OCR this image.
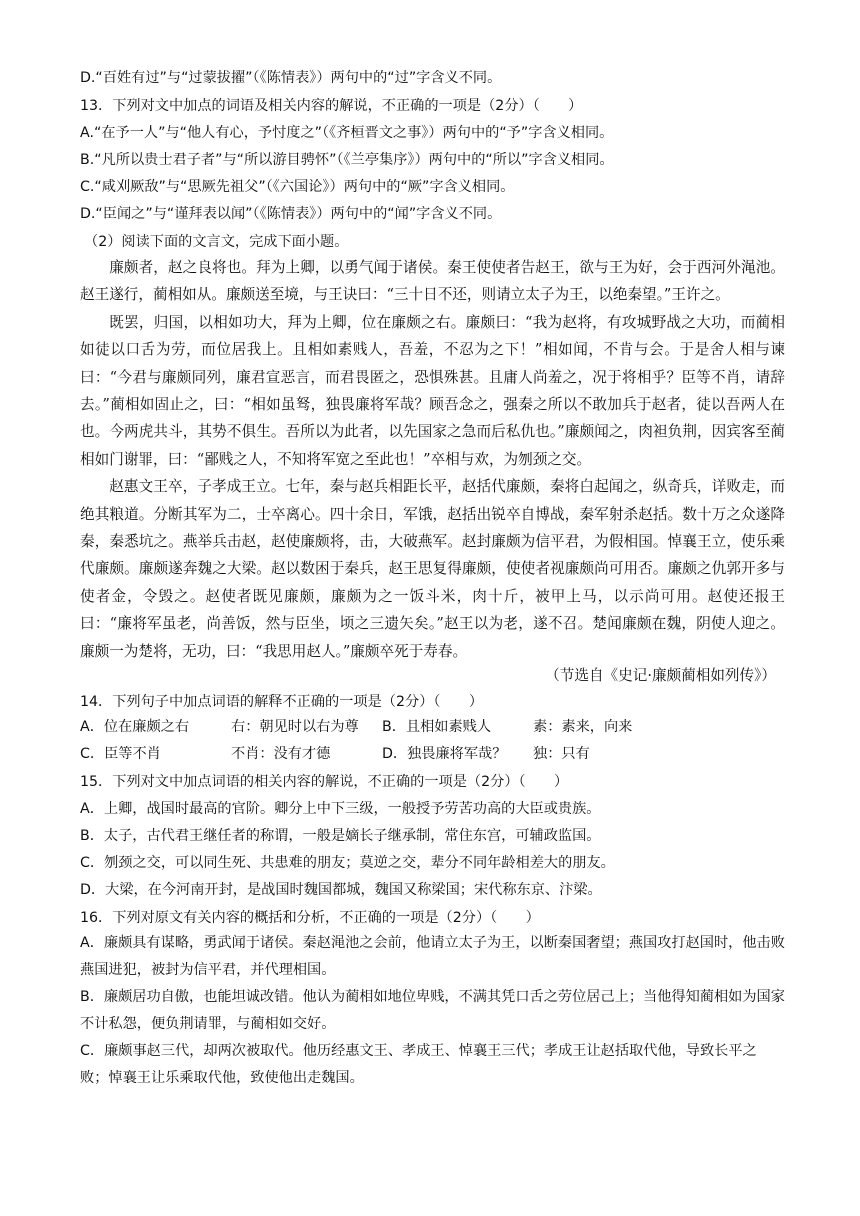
D.“百姓有过”与“过蒙拔擢”（《陈情表》）两句中的“过”字含义不同。
13．下列对文中加点的词语及相关内容的解说，不正确的一项是（2分）（　　）
A.“在予一人”与“他人有心，予忖度之”（《齐桓晋文之事》）两句中的“予”字含义相同。
B.“凡所以贵士君子者”与“所以游目骋怀”（《兰亭集序》）两句中的“所以”字含义相同。
C.“咸刈厥敌”与“思厥先祖父”（《六国论》）两句中的“厥”字含义相同。
D.“臣闻之”与“谨拜表以闻”（《陈情表》）两句中的“闻”字含义不同。
（2）阅读下面的文言文，完成下面小题。

廉颇者，赵之良将也。拜为上卿，以勇气闻于诸侯。秦王使使者告赵王，欲与王为好，会于西河外渑池。赵王遂行，蔺相如从。廉颇送至境，与王诀曰：“三十日不还，则请立太子为王，以绝秦望。”王许之。

既罢，归国，以相如功大，拜为上卿，位在廉颇之右。廉颇曰：“我为赵将，有攻城野战之大功，而蔺相如徒以口舌为劳，而位居我上。且相如素贱人，吾羞，不忍为之下！”相如闻，不肯与会。于是舍人相与谏曰：“今君与廉颇同列，廉君宣恶言，而君畏匿之，恐惧殊甚。且庸人尚羞之，况于将相乎？臣等不肖，请辞去。”蔺相如固止之，曰：“相如虽驽，独畏廉将军哉？顾吾念之，强秦之所以不敢加兵于赵者，徒以吾两人在也。今两虎共斗，其势不俱生。吾所以为此者，以先国家之急而后私仇也。”廉颇闻之，肉袒负荆，因宾客至蔺相如门谢罪，曰：“鄙贱之人，不知将军宽之至此也！”卒相与欢，为刎颈之交。

赵惠文王卒，子孝成王立。七年，秦与赵兵相距长平，赵括代廉颇，秦将白起闻之，纵奇兵，详败走，而绝其粮道。分断其军为二，士卒离心。四十余日，军饿，赵括出锐卒自博战，秦军射杀赵括。数十万之众遂降秦，秦悉坑之。燕举兵击赵，赵使廉颇将，击，大破燕军。赵封廉颇为信平君，为假相国。悼襄王立，使乐乘代廉颇。廉颇遂奔魏之大梁。赵以数困于秦兵，赵王思复得廉颇，使使者视廉颇尚可用否。廉颇之仇郭开多与使者金，令毁之。赵使者既见廉颇，廉颇为之一饭斗米，肉十斤，被甲上马，以示尚可用。赵使还报王曰：“廉将军虽老，尚善饭，然与臣坐，顷之三遗矢矣。”赵王以为老，遂不召。楚闻廉颇在魏，阴使人迎之。廉颇一为楚将，无功，曰：“我思用赵人。”廉颇卒死于寿春。

（节选自《史记·廉颇蔺相如列传》）
14．下列句子中加点词语的解释不正确的一项是（2分）（　　）
A．位在廉颇之右	右：朝见时以右为尊 B．且相如素贱人	素：素来，向来
C．臣等不肖	不肖：没有才德	D．独畏廉将军哉？ 独：只有
15．下列对文中加点词语的相关内容的解说，不正确的一项是（2分）（　　）
A．上卿，战国时最高的官阶。卿分上中下三级，一般授予劳苦功高的大臣或贵族。
B．太子，古代君王继任者的称谓，一般是嫡长子继承制，常住东宫，可辅政监国。
C．刎颈之交，可以同生死、共患难的朋友；莫逆之交，辈分不同年龄相差大的朋友。
D．大梁，在今河南开封，是战国时魏国都城，魏国又称梁国；宋代称东京、汴梁。
16．下列对原文有关内容的概括和分析，不正确的一项是（2分）（　　）
A．廉颇具有谋略，勇武闻于诸侯。秦赵渑池之会前，他请立太子为王，以断秦国奢望；燕国攻打赵国时，他击败燕国进犯，被封为信平君，并代理相国。
B．廉颇居功自傲，也能坦诚改错。他认为蔺相如地位卑贱，不满其凭口舌之劳位居己上；当他得知蔺相如为国家不计私怨，便负荆请罪，与蔺相如交好。
C．廉颇事赵三代，却两次被取代。他历经惠文王、孝成王、悼襄王三代；孝成王让赵括取代他，导致长平之败；悼襄王让乐乘取代他，致使他出走魏国。
